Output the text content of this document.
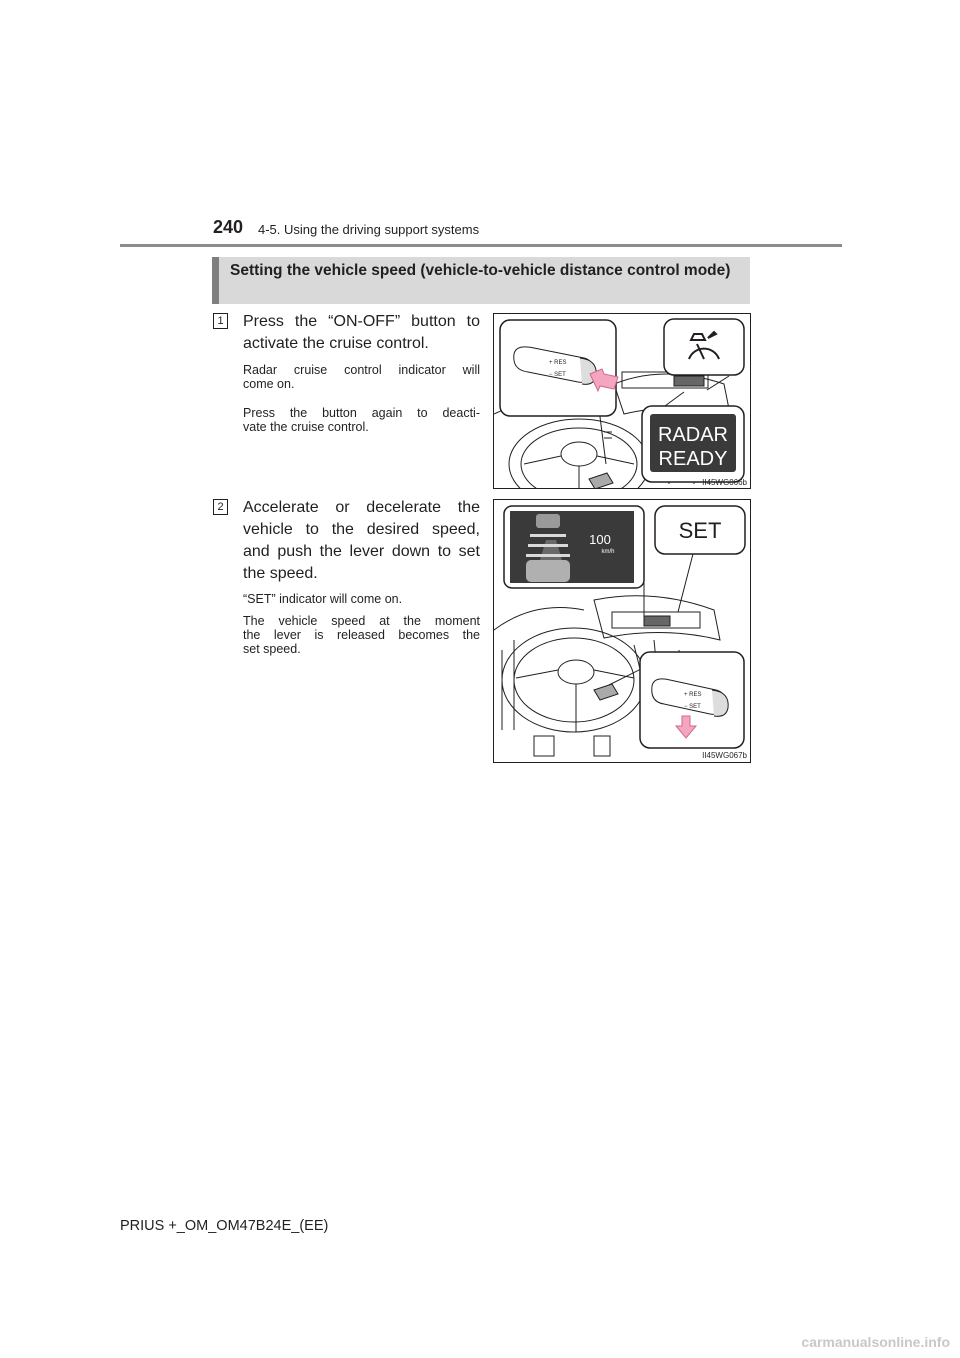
240 4-5. Using the driving support systems
Setting the vehicle speed (vehicle-to-vehicle distance control mode)
1 Press the “ON-OFF” button to
activate the cruise control.
Radar cruise control indicator will
come on.
Press the button again to deacti-
vate the cruise control.
+ RES
− SET
RADAR
READY
II45WG066b
2 Accelerate or decelerate the
vehicle to the desired speed,
and push the lever down to set
the speed.
“SET” indicator will come on.
The vehicle speed at the moment
the lever is released becomes the
set speed.
100
km/h
SET
+ RES
− SET
II45WG067b
PRIUS +_OM_OM47B24E_(EE)
carmanualsonline.info
